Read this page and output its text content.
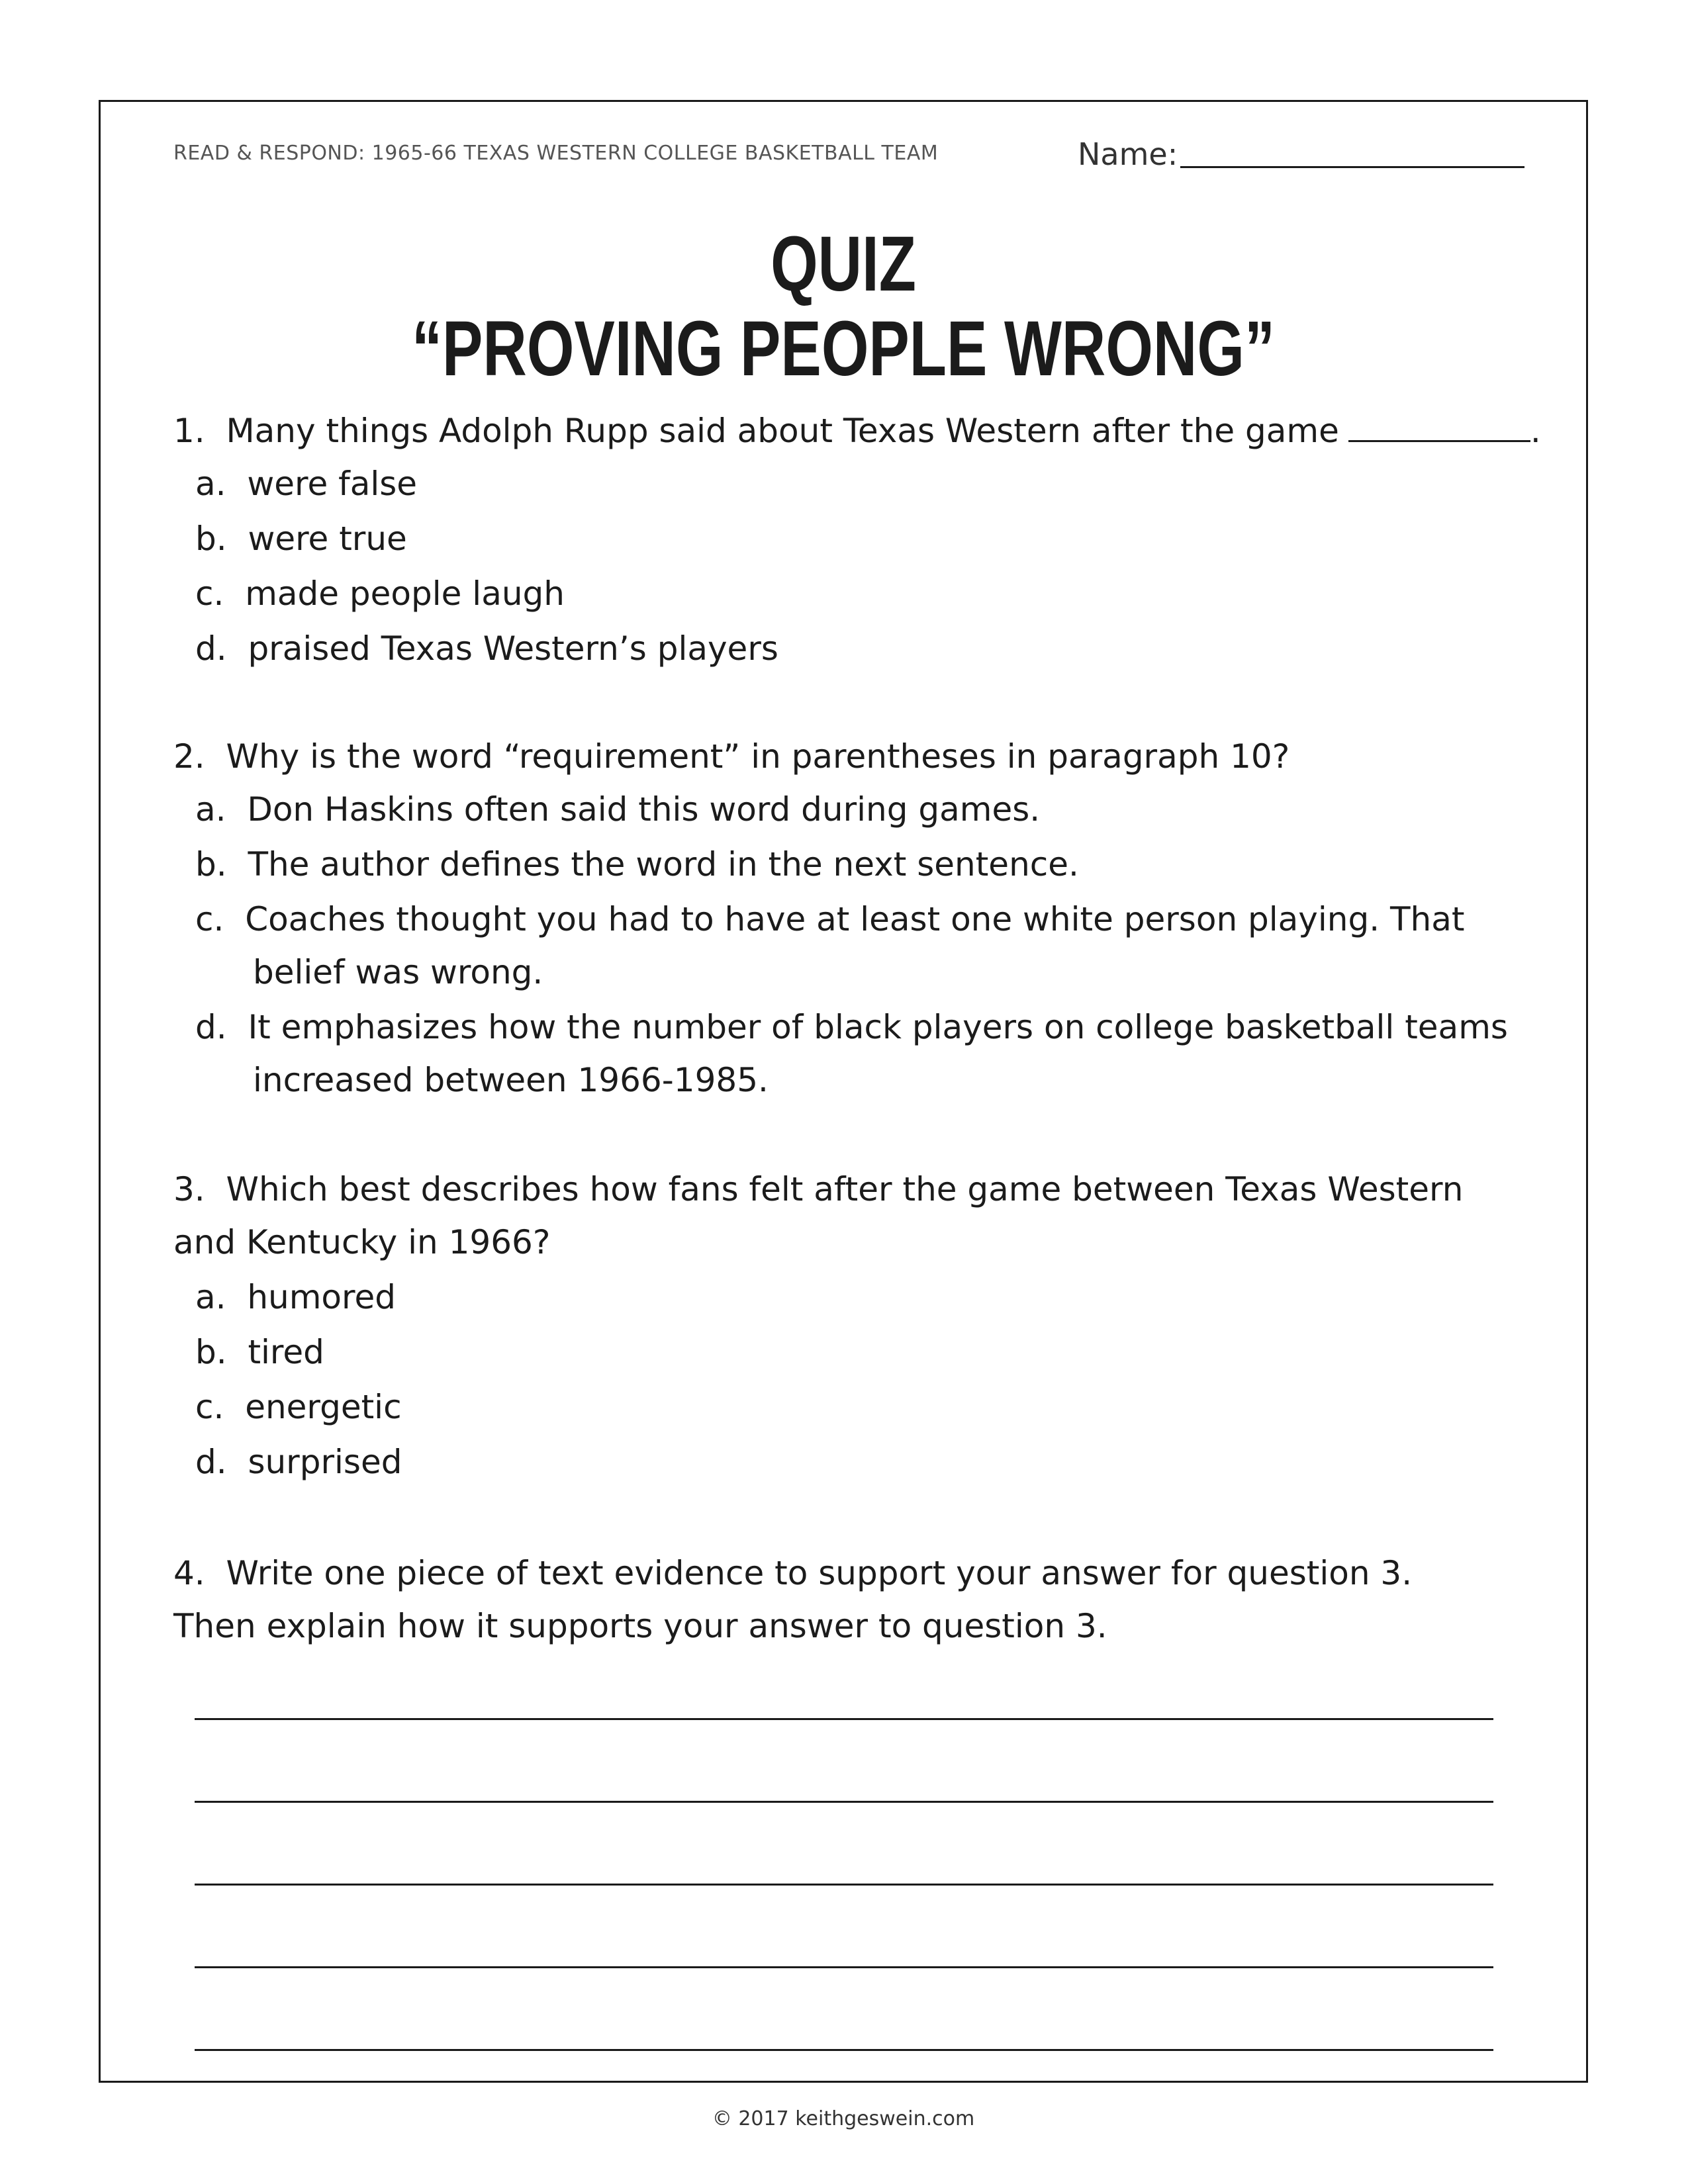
READ & RESPOND: 1965-66 TEXAS WESTERN COLLEGE BASKETBALL TEAM	Name:
QUIZ
“PROVING PEOPLE WRONG”
1. Many things Adolph Rupp said about Texas Western after the game	.
a. were false
b. were true
c. made people laugh
d. praised Texas Western’s players
2. Why is the word “requirement” in parentheses in paragraph 10?
a. Don Haskins often said this word during games.
b. The author defines the word in the next sentence.
c. Coaches thought you had to have at least one white person playing. That
belief was wrong.
d. It emphasizes how the number of black players on college basketball teams
increased between 1966-1985.
3. Which best describes how fans felt after the game between Texas Western
and Kentucky in 1966?
a. humored
b. tired
c. energetic
d. surprised
4. Write one piece of text evidence to support your answer for question 3.
Then explain how it supports your answer to question 3.
© 2017 keithgeswein.com
